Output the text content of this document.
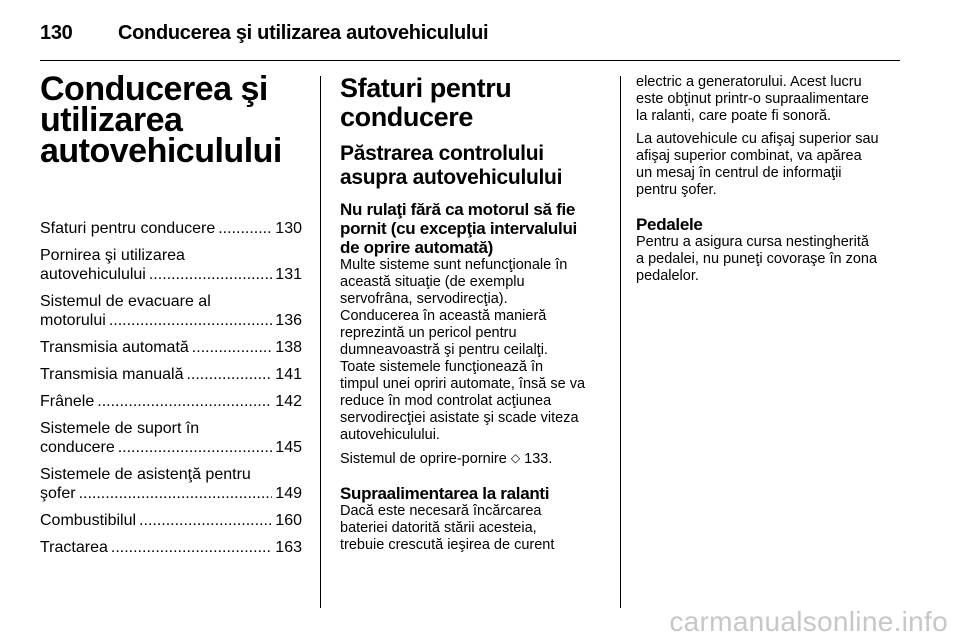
130 Conducerea şi utilizarea autovehiculului
Conducerea şi
utilizarea
autovehiculului
Sfaturi pentru conducere .....	130
Pornirea şi utilizarea
autovehiculului .....	131
Sistemul de evacuare al
motorului .....	136
Transmisia automată .....	138
Transmisia manuală .....	141
Frânele .....	142
Sistemele de suport în
conducere .....	145
Sistemele de asistenţă pentru
şofer .....	149
Combustibilul .....	160
Tractarea .....	163
Sfaturi pentru
conducere
Păstrarea controlului
asupra autovehiculului
Nu rulaţi fără ca motorul să fie
pornit (cu excepţia intervalului
de oprire automată)

Multe sisteme sunt nefuncţionale în
această situaţie (de exemplu
servofrâna, servodirecţia).
Conducerea în această manieră
reprezintă un pericol pentru
dumneavoastră şi pentru ceilalţi.
Toate sistemele funcţionează în
timpul unei opriri automate, însă se va
reduce în mod controlat acţiunea
servodirecţiei asistate şi scade viteza
autovehiculului.

Sistemul de oprire-pornire ◇ 133.

Supraalimentarea la ralanti

Dacă este necesară încărcarea
bateriei datorită stării acesteia,
trebuie crescută ieşirea de curent

electric a generatorului. Acest lucru
este obţinut printr-o supraalimentare
la ralanti, care poate fi sonoră.

La autovehicule cu afişaj superior sau
afişaj superior combinat, va apărea
un mesaj în centrul de informaţii
pentru şofer.

Pedalele

Pentru a asigura cursa nestingherită
a pedalei, nu puneţi covoraşe în zona
pedalelor.

carmanualsonline.info
